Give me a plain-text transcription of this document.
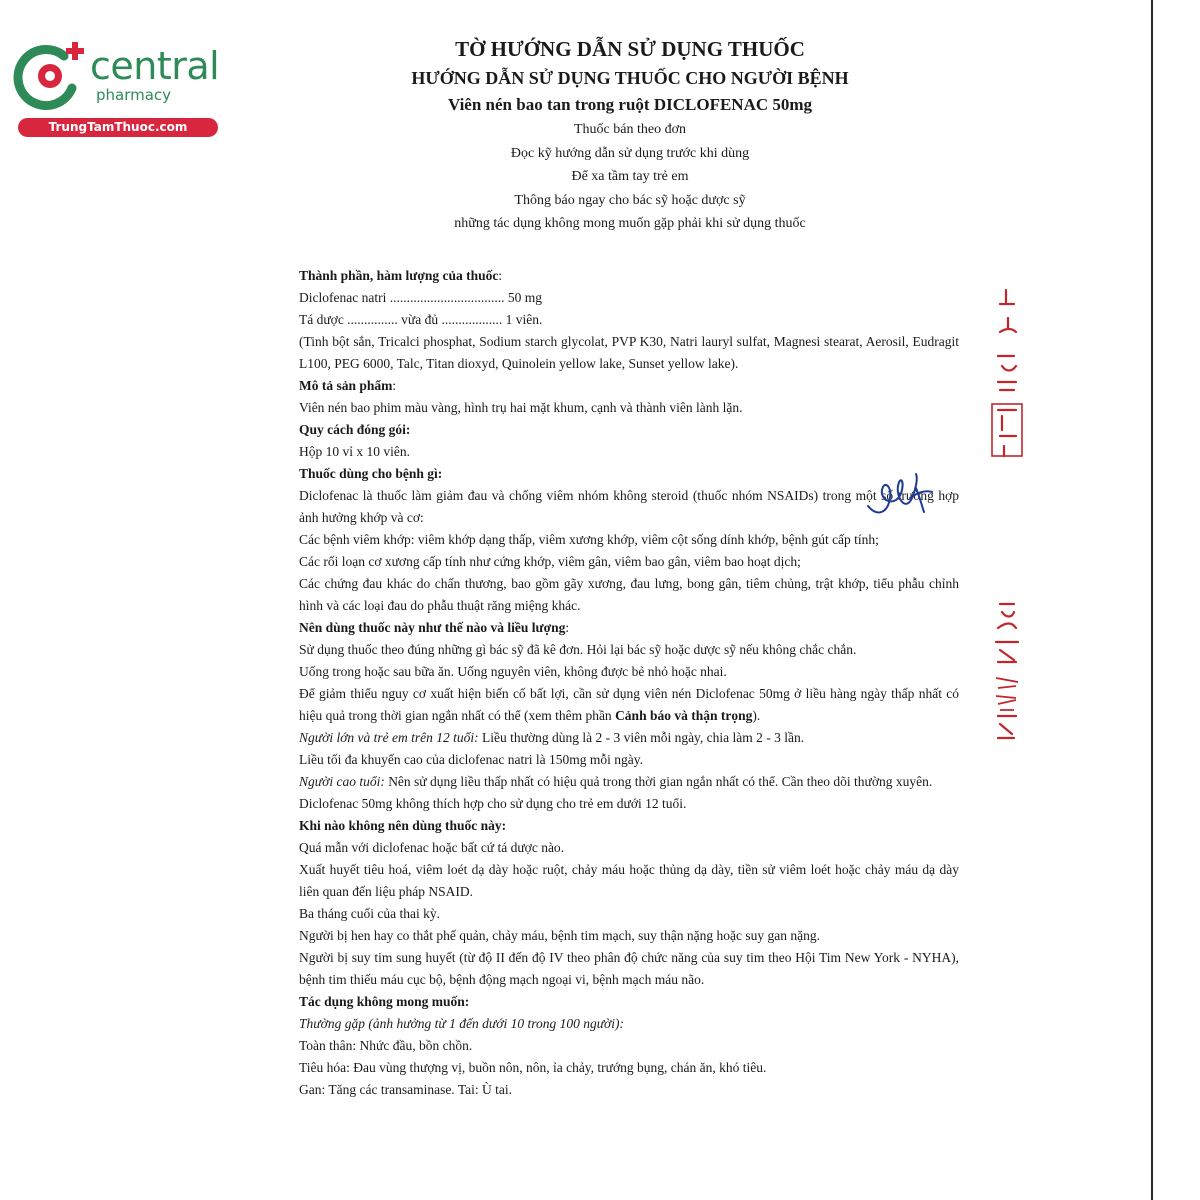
central
pharmacy
TrungTamThuoc.com
TỜ HƯỚNG DẪN SỬ DỤNG THUỐC
HƯỚNG DẪN SỬ DỤNG THUỐC CHO NGƯỜI BỆNH
Viên nén bao tan trong ruột DICLOFENAC 50mg
Thuốc bán theo đơn
Đọc kỹ hướng dẫn sử dụng trước khi dùng
Để xa tầm tay trẻ em
Thông báo ngay cho bác sỹ hoặc dược sỹ
những tác dụng không mong muốn gặp phải khi sử dụng thuốc
Thành phần, hàm lượng của thuốc:
Diclofenac natri .................................. 50 mg
Tá dược ............... vừa đủ .................. 1 viên.
(Tinh bột sắn, Tricalci phosphat, Sodium starch glycolat, PVP K30, Natri lauryl sulfat, Magnesi stearat, Aerosil, Eudragit L100, PEG 6000, Talc, Titan dioxyd, Quinolein yellow lake, Sunset yellow lake).
Mô tả sản phẩm:
Viên nén bao phim màu vàng, hình trụ hai mặt khum, cạnh và thành viên lành lặn.
Quy cách đóng gói:
Hộp 10 vỉ x 10 viên.
Thuốc dùng cho bệnh gì:
Diclofenac là thuốc làm giảm đau và chống viêm nhóm không steroid (thuốc nhóm NSAIDs) trong một số trường hợp ảnh hưởng khớp và cơ:
Các bệnh viêm khớp: viêm khớp dạng thấp, viêm xương khớp, viêm cột sống dính khớp, bệnh gút cấp tính;
Các rối loạn cơ xương cấp tính như cứng khớp, viêm gân, viêm bao gân, viêm bao hoạt dịch;
Các chứng đau khác do chấn thương, bao gồm gãy xương, đau lưng, bong gân, tiêm chủng, trật khớp, tiểu phẫu chỉnh hình và các loại đau do phẫu thuật răng miệng khác.
Nên dùng thuốc này như thế nào và liều lượng:
Sử dụng thuốc theo đúng những gì bác sỹ đã kê đơn. Hỏi lại bác sỹ hoặc dược sỹ nếu không chắc chắn.
Uống trong hoặc sau bữa ăn. Uống nguyên viên, không được bẻ nhỏ hoặc nhai.
Để giảm thiểu nguy cơ xuất hiện biến cố bất lợi, cần sử dụng viên nén Diclofenac 50mg ở liều hàng ngày thấp nhất có hiệu quả trong thời gian ngắn nhất có thể (xem thêm phần Cảnh báo và thận trọng).
Người lớn và trẻ em trên 12 tuổi: Liều thường dùng là 2 - 3 viên mỗi ngày, chia làm 2 - 3 lần.
Liều tối đa khuyến cao của diclofenac natri là 150mg mỗi ngày.
Người cao tuổi: Nên sử dụng liều thấp nhất có hiệu quả trong thời gian ngắn nhất có thể. Cần theo dõi thường xuyên.
Diclofenac 50mg không thích hợp cho sử dụng cho trẻ em dưới 12 tuổi.
Khi nào không nên dùng thuốc này:
Quá mẫn với diclofenac hoặc bất cứ tá dược nào.
Xuất huyết tiêu hoá, viêm loét dạ dày hoặc ruột, chảy máu hoặc thủng dạ dày, tiền sử viêm loét hoặc chảy máu dạ dày liên quan đến liệu pháp NSAID.
Ba tháng cuối của thai kỳ.
Người bị hen hay co thắt phế quản, chảy máu, bệnh tim mạch, suy thận nặng hoặc suy gan nặng.
Người bị suy tim sung huyết (từ độ II đến độ IV theo phân độ chức năng của suy tim theo Hội Tim New York - NYHA), bệnh tim thiếu máu cục bộ, bệnh động mạch ngoại vi, bệnh mạch máu não.
Tác dụng không mong muốn:
Thường gặp (ảnh hưởng từ 1 đến dưới 10 trong 100 người):
Toàn thân: Nhức đầu, bồn chồn.
Tiêu hóa: Đau vùng thượng vị, buồn nôn, nôn, ỉa chảy, trướng bụng, chán ăn, khó tiêu.
Gan: Tăng các transaminase. Tai: Ù tai.
